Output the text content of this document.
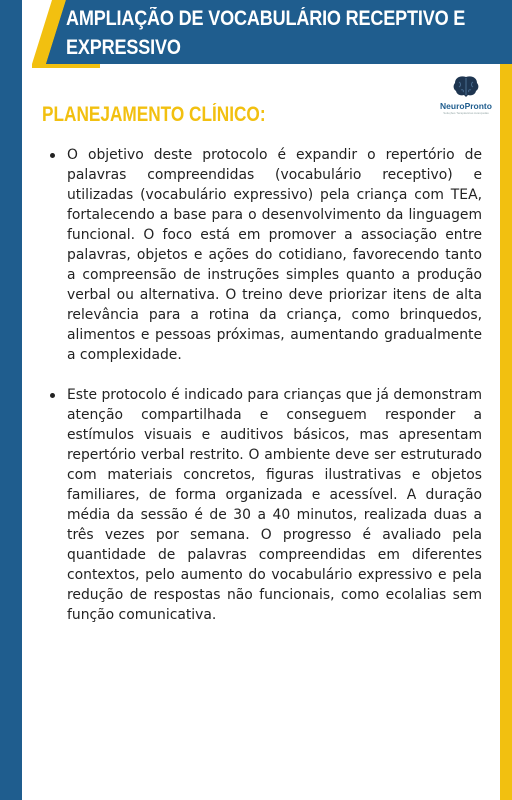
AMPLIAÇÃO DE VOCABULÁRIO RECEPTIVO E
EXPRESSIVO
PLANEJAMENTO CLÍNICO:	NeuroPronto
Soluções Terapêuticas Avançadas
O objetivo deste protocolo é expandir o repertório de palavras compreendidas (vocabulário receptivo) e utilizadas (vocabulário expressivo) pela criança com TEA, fortalecendo a base para o desenvolvimento da linguagem funcional. O foco está em promover a associação entre palavras, objetos e ações do cotidiano, favorecendo tanto a compreensão de instruções simples quanto a produção verbal ou alternativa. O treino deve priorizar itens de alta relevância para a rotina da criança, como brinquedos, alimentos e pessoas próximas, aumentando gradualmente a complexidade.
Este protocolo é indicado para crianças que já demonstram atenção compartilhada e conseguem responder a estímulos visuais e auditivos básicos, mas apresentam repertório verbal restrito. O ambiente deve ser estruturado com materiais concretos, figuras ilustrativas e objetos familiares, de forma organizada e acessível. A duração média da sessão é de 30 a 40 minutos, realizada duas a três vezes por semana. O progresso é avaliado pela quantidade de palavras compreendidas em diferentes contextos, pelo aumento do vocabulário expressivo e pela redução de respostas não funcionais, como ecolalias sem função comunicativa.
